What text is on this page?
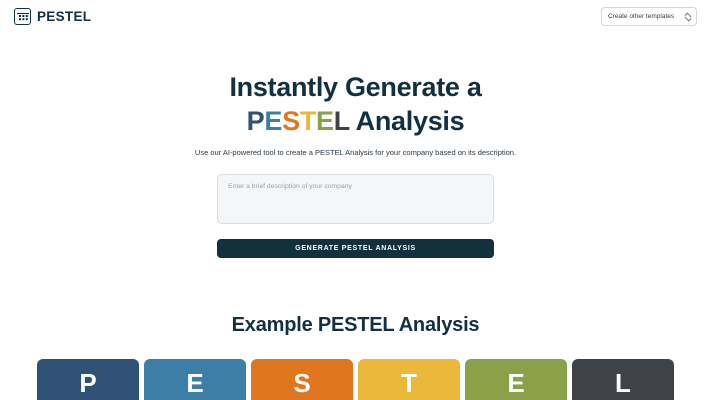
PESTEL	Create other templates
Instantly Generate a
PESTEL Analysis
Use our AI-powered tool to create a PESTEL Analysis for your company based on its description.
Enter a brief description of your company GENERATE PESTEL ANALYSIS
Example PESTEL Analysis
P	E	S	T	E	L
